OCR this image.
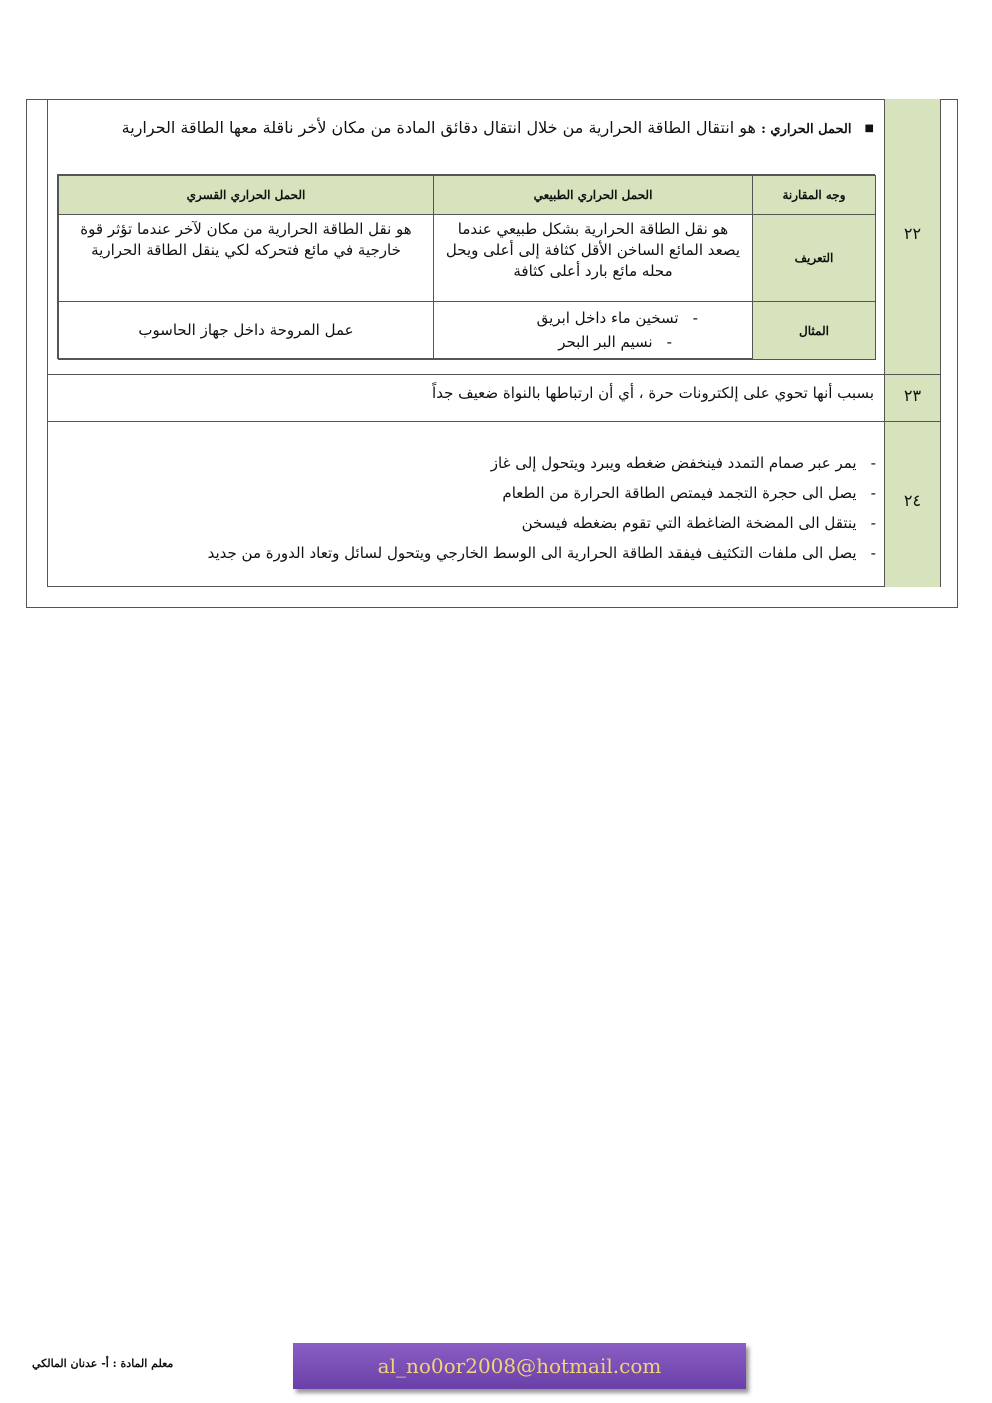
٢٢
■ الحمل الحراري : هو انتقال الطاقة الحرارية من خلال انتقال دقائق المادة من مكان لأخر ناقلة معها الطاقة الحرارية
وجه المقارنة
الحمل الحراري الطبيعي
الحمل الحراري القسري
التعريف
هو نقل الطاقة الحرارية بشكل طبيعي عندما يصعد المائع الساخن الأقل كثافة إلى أعلى ويحل محله مائع بارد أعلى كثافة
هو نقل الطاقة الحرارية من مكان لآخر عندما تؤثر قوة خارجية في مائع فتحركه لكي ينقل الطاقة الحرارية
المثال
-تسخين ماء داخل ابريق
-نسيم البر البحر
عمل المروحة داخل جهاز الحاسوب
٢٣
بسبب أنها تحوي على إلكترونات حرة ، أي أن ارتباطها بالنواة ضعيف جداً
٢٤
-يمر عبر صمام التمدد فينخفض ضغطه ويبرد ويتحول إلى غاز
-يصل الى حجرة التجمد فيمتص الطاقة الحرارة من الطعام
-ينتقل الى المضخة الضاغطة التي تقوم بضغطه فيسخن
-يصل الى ملفات التكثيف فيفقد الطاقة الحرارية الى الوسط الخارجي ويتحول لسائل وتعاد الدورة من جديد
معلم المادة : أ- عدنان المالكي	al_no0or2008@hotmail.com
